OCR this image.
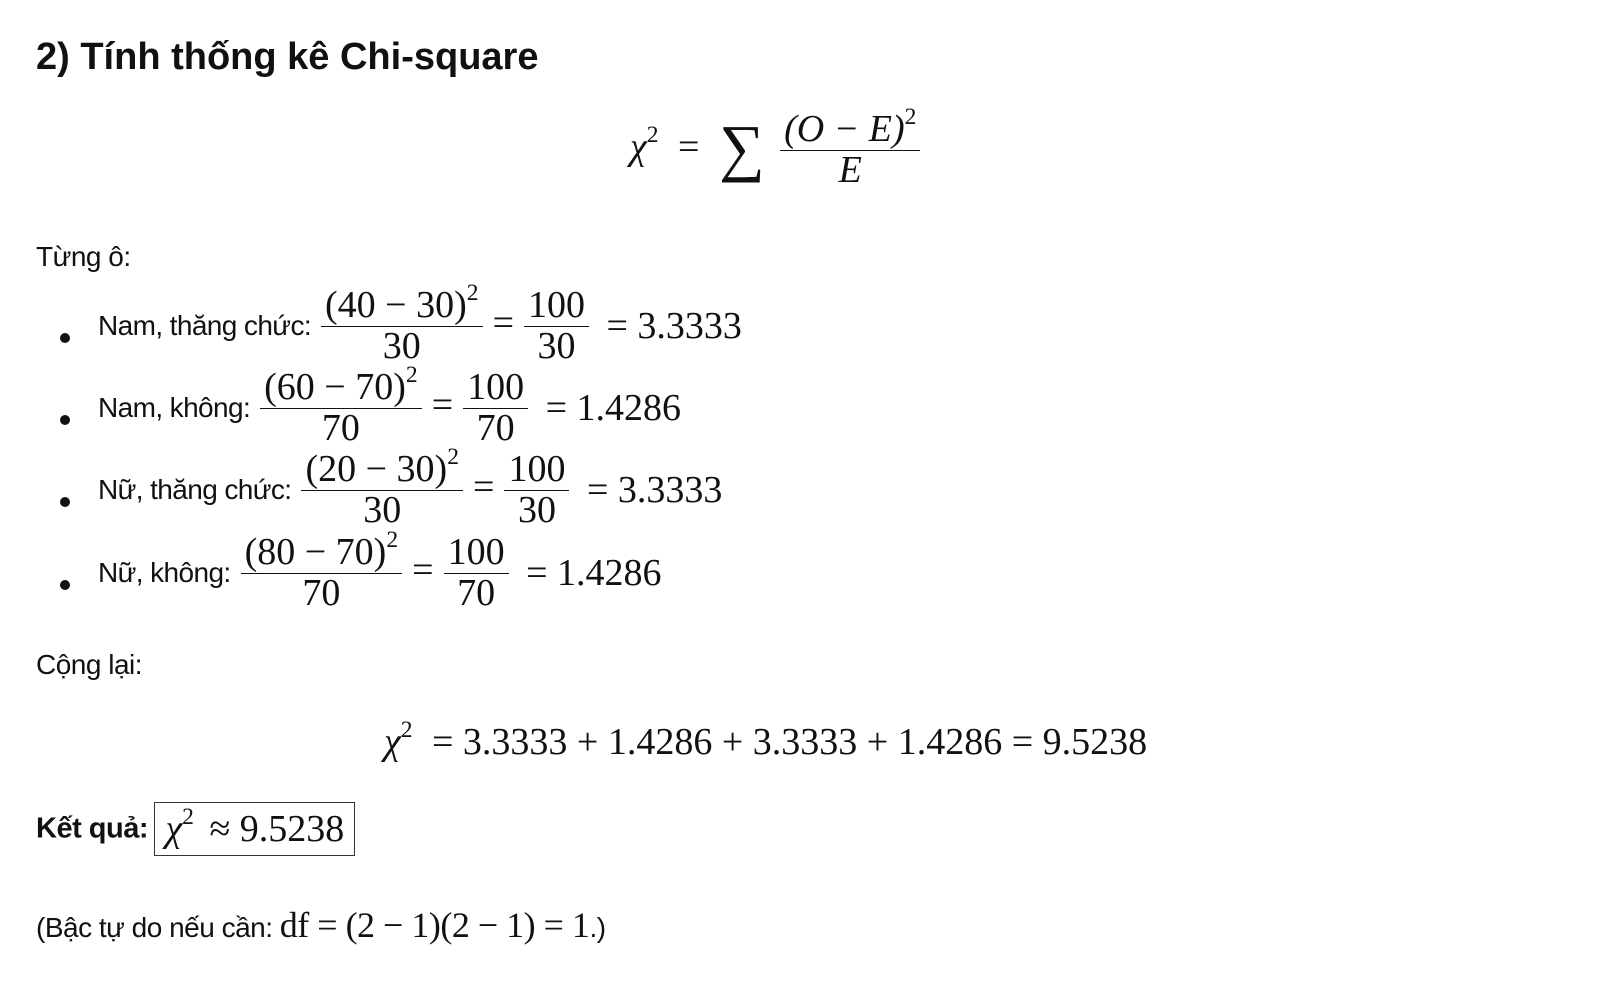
2) Tính thống kê Chi-square
$\chi^2$ = ∑ $\frac{(O - E)^2}{E}$
Từng ô:
Nam, thăng chức: $\frac{(40 - 30)^2}{30} = \frac{100}{30} = 3.3333$
Nam, không: $\frac{(60 - 70)^2}{70} = \frac{100}{70} = 1.4286$
Nữ, thăng chức: $\frac{(20 - 30)^2}{30} = \frac{100}{30} = 3.3333$
Nữ, không: $\frac{(80 - 70)^2}{70} = \frac{100}{70} = 1.4286$
Cộng lại:
$\chi^2 = 3.3333 + 1.4286 + 3.3333 + 1.4286 = 9.5238$
Kết quả: $\chi^2 \approx 9.5238$
(Bậc tự do nếu cần: df = (2 − 1)(2 − 1) = 1.)
